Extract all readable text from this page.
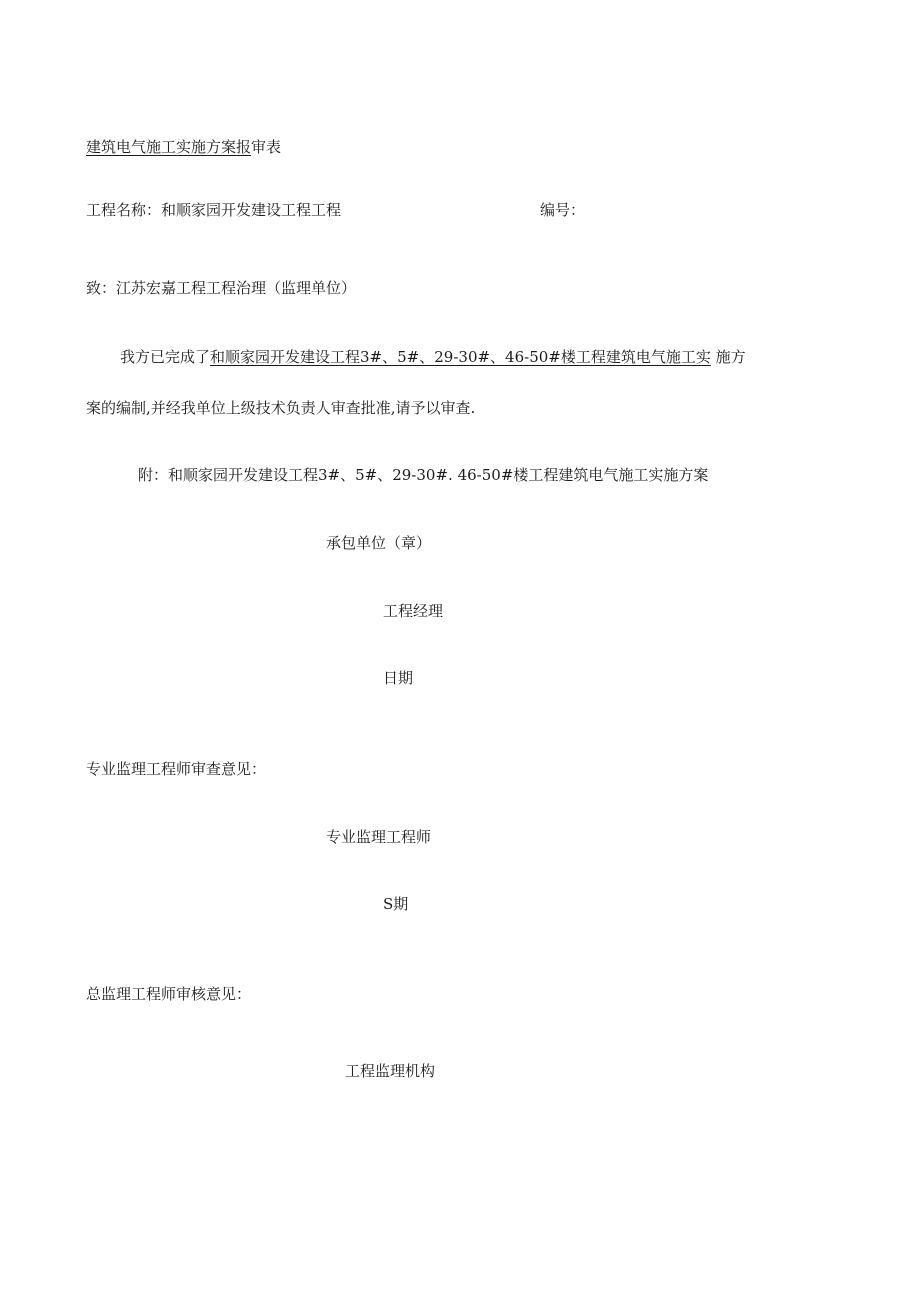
建筑电气施工实施方案报审表
工程名称：和顺家园开发建设工程工程	编号：
致：江苏宏嘉工程工程治理（监理单位）
我方已完成了和顺家园开发建设工程3#、5#、29-30#、46-50#楼工程建筑电气施工实 施方
案的编制,并经我单位上级技术负责人审查批准,请予以审查.
附：和顺家园开发建设工程3#、5#、29-30#. 46-50#楼工程建筑电气施工实施方案
承包单位（章）
工程经理
日期
专业监理工程师审查意见：
专业监理工程师
S期
总监理工程师审核意见：
工程监理机构
